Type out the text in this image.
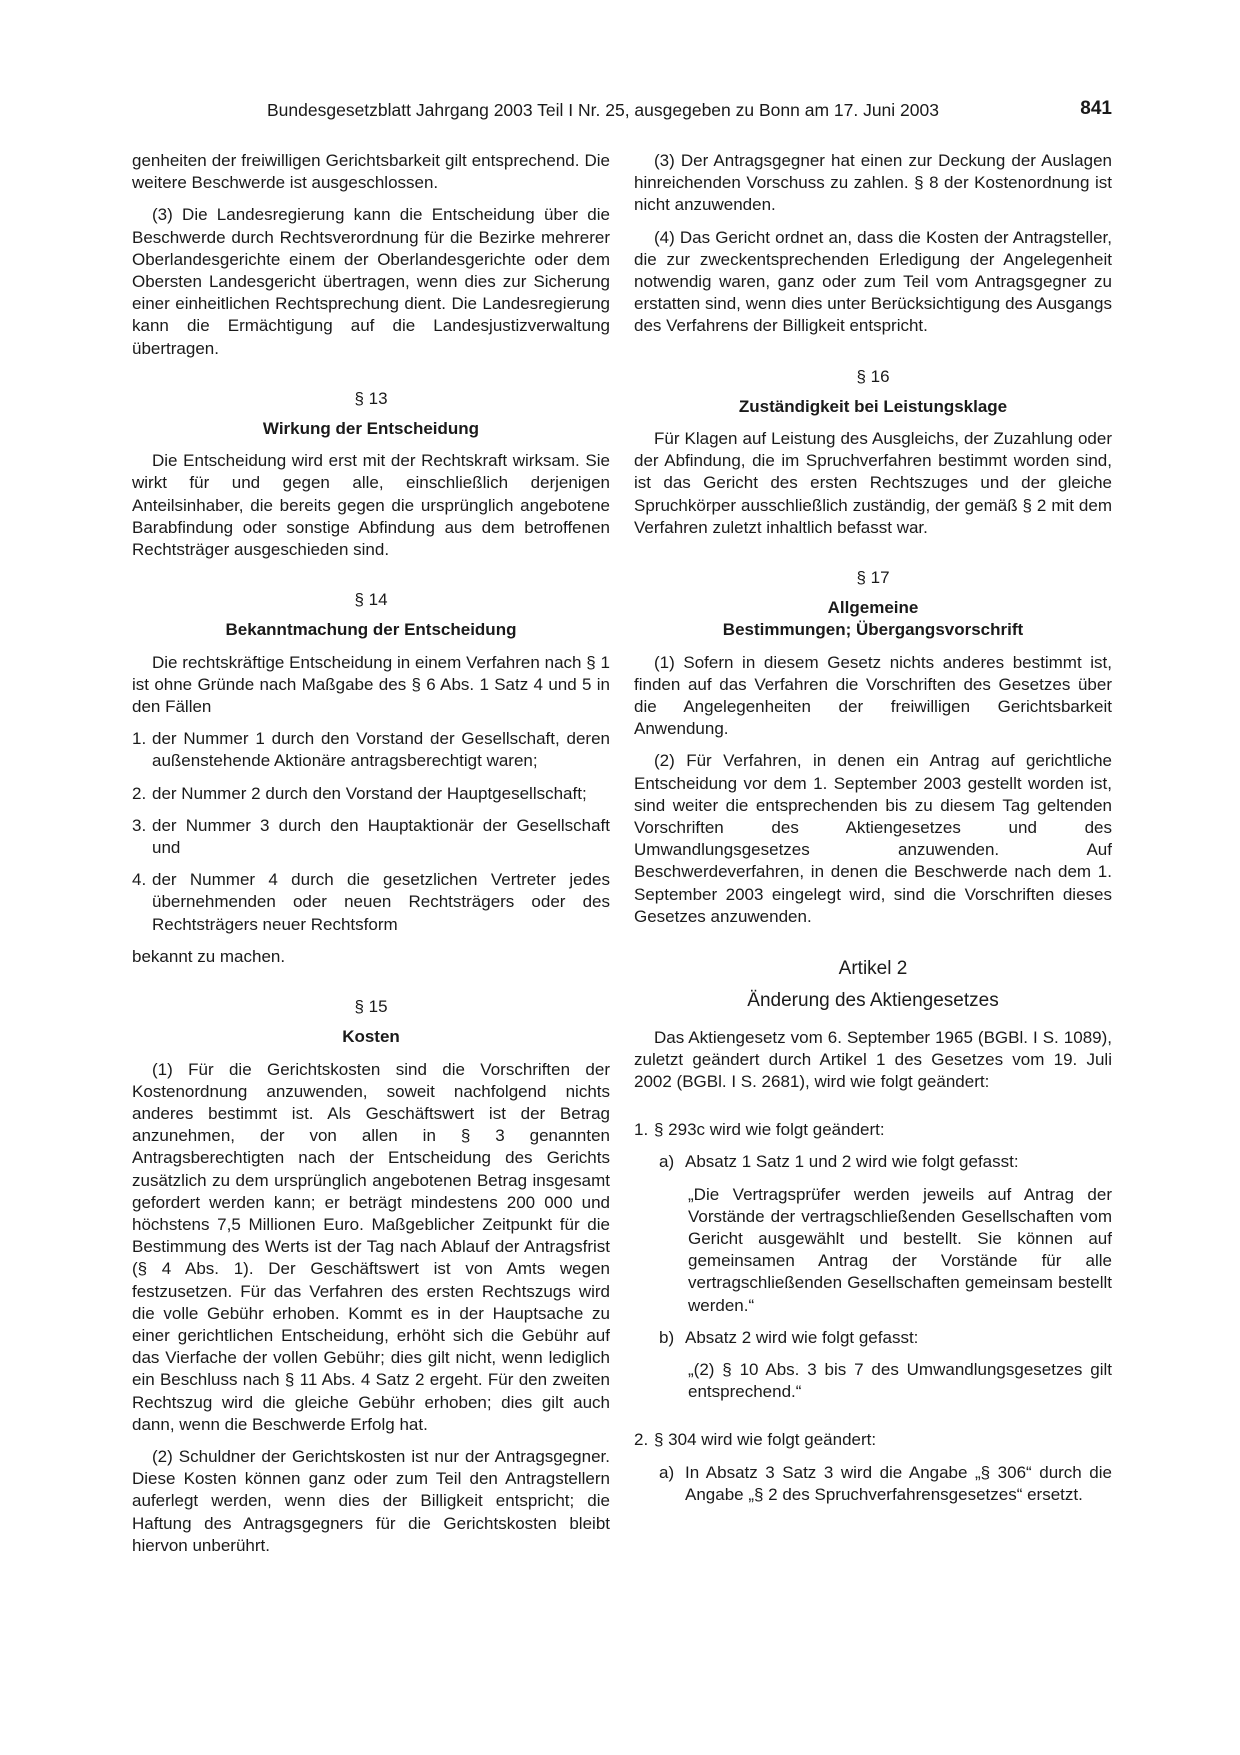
Bundesgesetzblatt Jahrgang 2003 Teil I Nr. 25, ausgegeben zu Bonn am 17. Juni 2003	841

genheiten der freiwilligen Gerichtsbarkeit gilt entsprechend. Die weitere Beschwerde ist ausgeschlossen.

(3) Die Landesregierung kann die Entscheidung über die Beschwerde durch Rechtsverordnung für die Bezirke mehrerer Oberlandesgerichte einem der Oberlandesgerichte oder dem Obersten Landesgericht übertragen, wenn dies zur Sicherung einer einheitlichen Rechtsprechung dient. Die Landesregierung kann die Ermächtigung auf die Landesjustizverwaltung übertragen.

§ 13
Wirkung der Entscheidung

Die Entscheidung wird erst mit der Rechtskraft wirksam. Sie wirkt für und gegen alle, einschließlich derjenigen Anteilsinhaber, die bereits gegen die ursprünglich angebotene Barabfindung oder sonstige Abfindung aus dem betroffenen Rechtsträger ausgeschieden sind.

§ 14
Bekanntmachung der Entscheidung

Die rechtskräftige Entscheidung in einem Verfahren nach § 1 ist ohne Gründe nach Maßgabe des § 6 Abs. 1 Satz 4 und 5 in den Fällen

1. der Nummer 1 durch den Vorstand der Gesellschaft, deren außenstehende Aktionäre antragsberechtigt waren;
2. der Nummer 2 durch den Vorstand der Hauptgesellschaft;
3. der Nummer 3 durch den Hauptaktionär der Gesellschaft und
4. der Nummer 4 durch die gesetzlichen Vertreter jedes übernehmenden oder neuen Rechtsträgers oder des Rechtsträgers neuer Rechtsform

bekannt zu machen.

§ 15
Kosten

(1) Für die Gerichtskosten sind die Vorschriften der Kostenordnung anzuwenden, soweit nachfolgend nichts anderes bestimmt ist. Als Geschäftswert ist der Betrag anzunehmen, der von allen in § 3 genannten Antragsberechtigten nach der Entscheidung des Gerichts zusätzlich zu dem ursprünglich angebotenen Betrag insgesamt gefordert werden kann; er beträgt mindestens 200 000 und höchstens 7,5 Millionen Euro. Maßgeblicher Zeitpunkt für die Bestimmung des Werts ist der Tag nach Ablauf der Antragsfrist (§ 4 Abs. 1). Der Geschäftswert ist von Amts wegen festzusetzen. Für das Verfahren des ersten Rechtszugs wird die volle Gebühr erhoben. Kommt es in der Hauptsache zu einer gerichtlichen Entscheidung, erhöht sich die Gebühr auf das Vierfache der vollen Gebühr; dies gilt nicht, wenn lediglich ein Beschluss nach § 11 Abs. 4 Satz 2 ergeht. Für den zweiten Rechtszug wird die gleiche Gebühr erhoben; dies gilt auch dann, wenn die Beschwerde Erfolg hat.

(2) Schuldner der Gerichtskosten ist nur der Antragsgegner. Diese Kosten können ganz oder zum Teil den Antragstellern auferlegt werden, wenn dies der Billigkeit entspricht; die Haftung des Antragsgegners für die Gerichtskosten bleibt hiervon unberührt.

(3) Der Antragsgegner hat einen zur Deckung der Auslagen hinreichenden Vorschuss zu zahlen. § 8 der Kostenordnung ist nicht anzuwenden.

(4) Das Gericht ordnet an, dass die Kosten der Antragsteller, die zur zweckentsprechenden Erledigung der Angelegenheit notwendig waren, ganz oder zum Teil vom Antragsgegner zu erstatten sind, wenn dies unter Berücksichtigung des Ausgangs des Verfahrens der Billigkeit entspricht.

§ 16
Zuständigkeit bei Leistungsklage

Für Klagen auf Leistung des Ausgleichs, der Zuzahlung oder der Abfindung, die im Spruchverfahren bestimmt worden sind, ist das Gericht des ersten Rechtszuges und der gleiche Spruchkörper ausschließlich zuständig, der gemäß § 2 mit dem Verfahren zuletzt inhaltlich befasst war.

§ 17
Allgemeine
Bestimmungen; Übergangsvorschrift

(1) Sofern in diesem Gesetz nichts anderes bestimmt ist, finden auf das Verfahren die Vorschriften des Gesetzes über die Angelegenheiten der freiwilligen Gerichtsbarkeit Anwendung.

(2) Für Verfahren, in denen ein Antrag auf gerichtliche Entscheidung vor dem 1. September 2003 gestellt worden ist, sind weiter die entsprechenden bis zu diesem Tag geltenden Vorschriften des Aktiengesetzes und des Umwandlungsgesetzes anzuwenden. Auf Beschwerdeverfahren, in denen die Beschwerde nach dem 1. September 2003 eingelegt wird, sind die Vorschriften dieses Gesetzes anzuwenden.

Artikel 2
Änderung des Aktiengesetzes

Das Aktiengesetz vom 6. September 1965 (BGBl. I S. 1089), zuletzt geändert durch Artikel 1 des Gesetzes vom 19. Juli 2002 (BGBl. I S. 2681), wird wie folgt geändert:

1. § 293c wird wie folgt geändert:
a) Absatz 1 Satz 1 und 2 wird wie folgt gefasst:
„Die Vertragsprüfer werden jeweils auf Antrag der Vorstände der vertragschließenden Gesellschaften vom Gericht ausgewählt und bestellt. Sie können auf gemeinsamen Antrag der Vorstände für alle vertragschließenden Gesellschaften gemeinsam bestellt werden.“
b) Absatz 2 wird wie folgt gefasst:
„(2) § 10 Abs. 3 bis 7 des Umwandlungsgesetzes gilt entsprechend.“
2. § 304 wird wie folgt geändert:
a) In Absatz 3 Satz 3 wird die Angabe „§ 306“ durch die Angabe „§ 2 des Spruchverfahrensgesetzes“ ersetzt.
